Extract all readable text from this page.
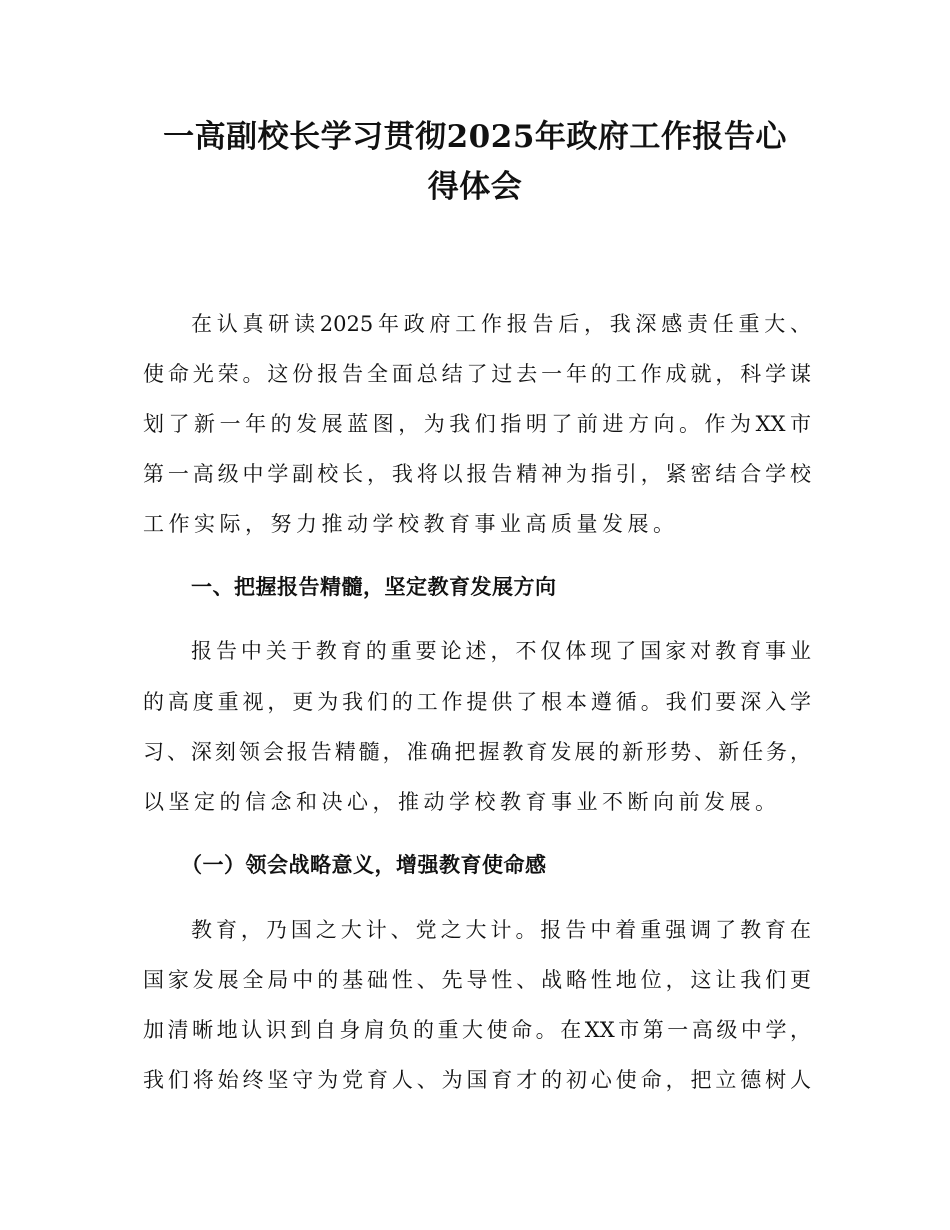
一高副校长学习贯彻2025年政府工作报告心
得体会

在认真研读2025年政府工作报告后，我深感责任重大、

使命光荣。这份报告全面总结了过去一年的工作成就，科学谋

划了新一年的发展蓝图，为我们指明了前进方向。作为XX市

第一高级中学副校长，我将以报告精神为指引，紧密结合学校

工作实际，努力推动学校教育事业高质量发展。

一、把握报告精髓，坚定教育发展方向

报告中关于教育的重要论述，不仅体现了国家对教育事业

的高度重视，更为我们的工作提供了根本遵循。我们要深入学

习、深刻领会报告精髓，准确把握教育发展的新形势、新任务，

以坚定的信念和决心，推动学校教育事业不断向前发展。

（一）领会战略意义，增强教育使命感

教育，乃国之大计、党之大计。报告中着重强调了教育在

国家发展全局中的基础性、先导性、战略性地位，这让我们更

加清晰地认识到自身肩负的重大使命。在XX市第一高级中学，

我们将始终坚守为党育人、为国育才的初心使命，把立德树人
